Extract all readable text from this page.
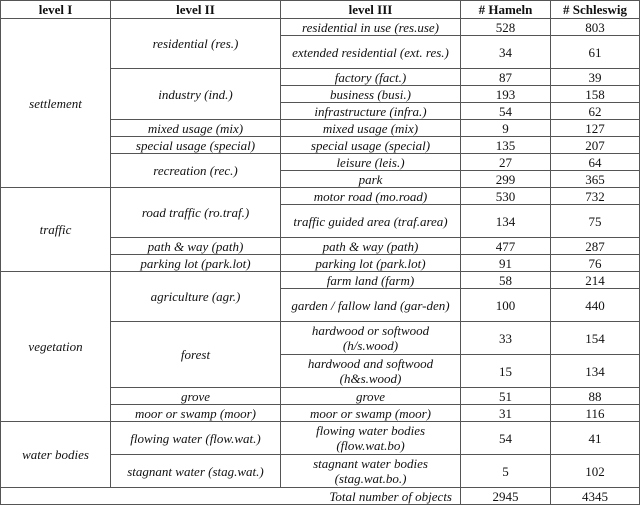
level I	level II	level III	# Hameln	# Schleswig
settlement	residential (res.)	residential in use (res.use)	528	803
		extended residential (ext. res.)	34	61
	industry (ind.)	factory (fact.)	87	39
		business (busi.)	193	158
		infrastructure (infra.)	54	62
	mixed usage (mix)	mixed usage (mix)	9	127
	special usage (special)	special usage (special)	135	207
	recreation (rec.)	leisure (leis.)	27	64
		park	299	365
traffic	road traffic (ro.traf.)	motor road (mo.road)	530	732
		traffic guided area (traf.area)	134	75
	path & way (path)	path & way (path)	477	287
	parking lot (park.lot)	parking lot (park.lot)	91	76
vegetation	agriculture (agr.)	farm land (farm)	58	214
		garden / fallow land (gar-den)	100	440
	forest	hardwood or softwood (h/s.wood)	33	154
		hardwood and softwood (h&s.wood)	15	134
	grove	grove	51	88
	moor or swamp (moor)	moor or swamp (moor)	31	116
water bodies	flowing water (flow.wat.)	flowing water bodies (flow.wat.bo)	54	41
	stagnant water (stag.wat.)	stagnant water bodies (stag.wat.bo.)	5	102
Total number of objects			2945	4345
